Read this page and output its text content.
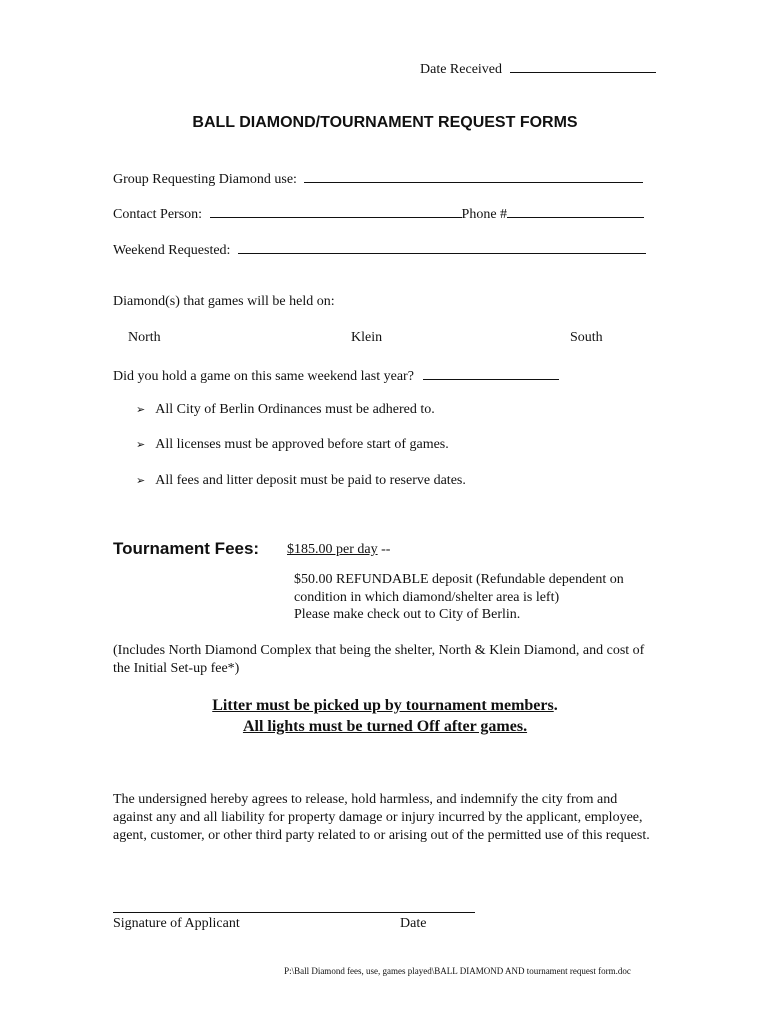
Date Received
BALL DIAMOND/TOURNAMENT REQUEST FORMS
Group Requesting Diamond use:
Contact Person:	Phone #
Weekend Requested:
Diamond(s) that games will be held on:
North	Klein	South
Did you hold a game on this same weekend last year?
➢ All City of Berlin Ordinances must be adhered to.
➢ All licenses must be approved before start of games.
➢ All fees and litter deposit must be paid to reserve dates.
Tournament Fees: $185.00 per day --
$50.00 REFUNDABLE deposit (Refundable dependent on
condition in which diamond/shelter area is left)
Please make check out to City of Berlin.
(Includes North Diamond Complex that being the shelter, North & Klein Diamond, and cost of the Initial Set-up fee*)
Litter must be picked up by tournament members.
All lights must be turned Off after games.
The undersigned hereby agrees to release, hold harmless, and indemnify the city from and against any and all liability for property damage or injury incurred by the applicant, employee, agent, customer, or other third party related to or arising out of the permitted use of this request.
Signature of Applicant	Date
P:\Ball Diamond fees, use, games played\BALL DIAMOND AND tournament request form.doc
